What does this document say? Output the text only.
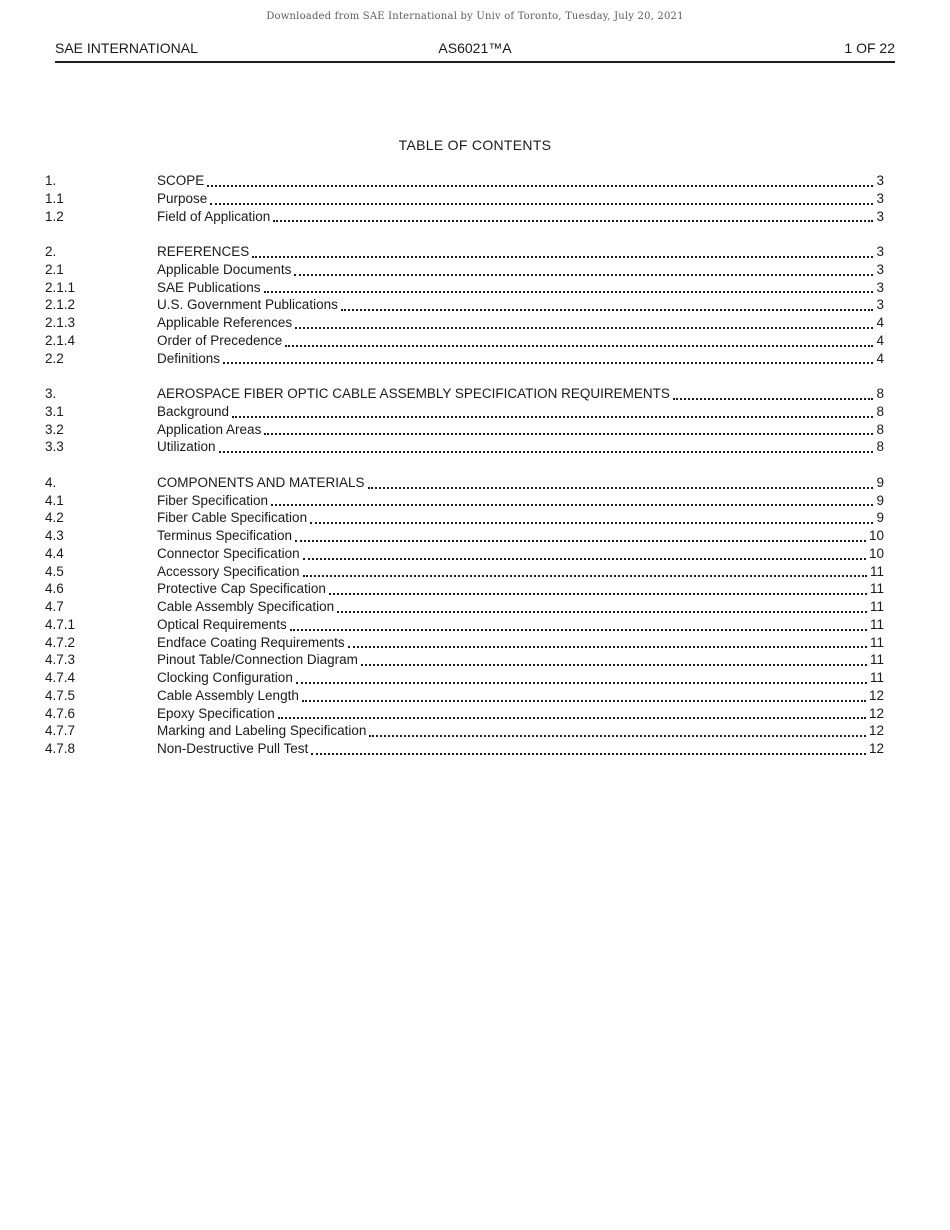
Downloaded from SAE International by Univ of Toronto, Tuesday, July 20, 2021
SAE INTERNATIONAL	AS6021™A	1 OF 22
TABLE OF CONTENTS
1.	SCOPE	3
1.1	Purpose	3
1.2	Field of Application	3
2.	REFERENCES	3
2.1	Applicable Documents	3
2.1.1	SAE Publications	3
2.1.2	U.S. Government Publications	3
2.1.3	Applicable References	4
2.1.4	Order of Precedence	4
2.2	Definitions	4
3.	AEROSPACE FIBER OPTIC CABLE ASSEMBLY SPECIFICATION REQUIREMENTS	8
3.1	Background	8
3.2	Application Areas	8
3.3	Utilization	8
4.	COMPONENTS AND MATERIALS	9
4.1	Fiber Specification	9
4.2	Fiber Cable Specification	9
4.3	Terminus Specification	10
4.4	Connector Specification	10
4.5	Accessory Specification	11
4.6	Protective Cap Specification	11
4.7	Cable Assembly Specification	11
4.7.1	Optical Requirements	11
4.7.2	Endface Coating Requirements	11
4.7.3	Pinout Table/Connection Diagram	11
4.7.4	Clocking Configuration	11
4.7.5	Cable Assembly Length	12
4.7.6	Epoxy Specification	12
4.7.7	Marking and Labeling Specification	12
4.7.8	Non-Destructive Pull Test	12
